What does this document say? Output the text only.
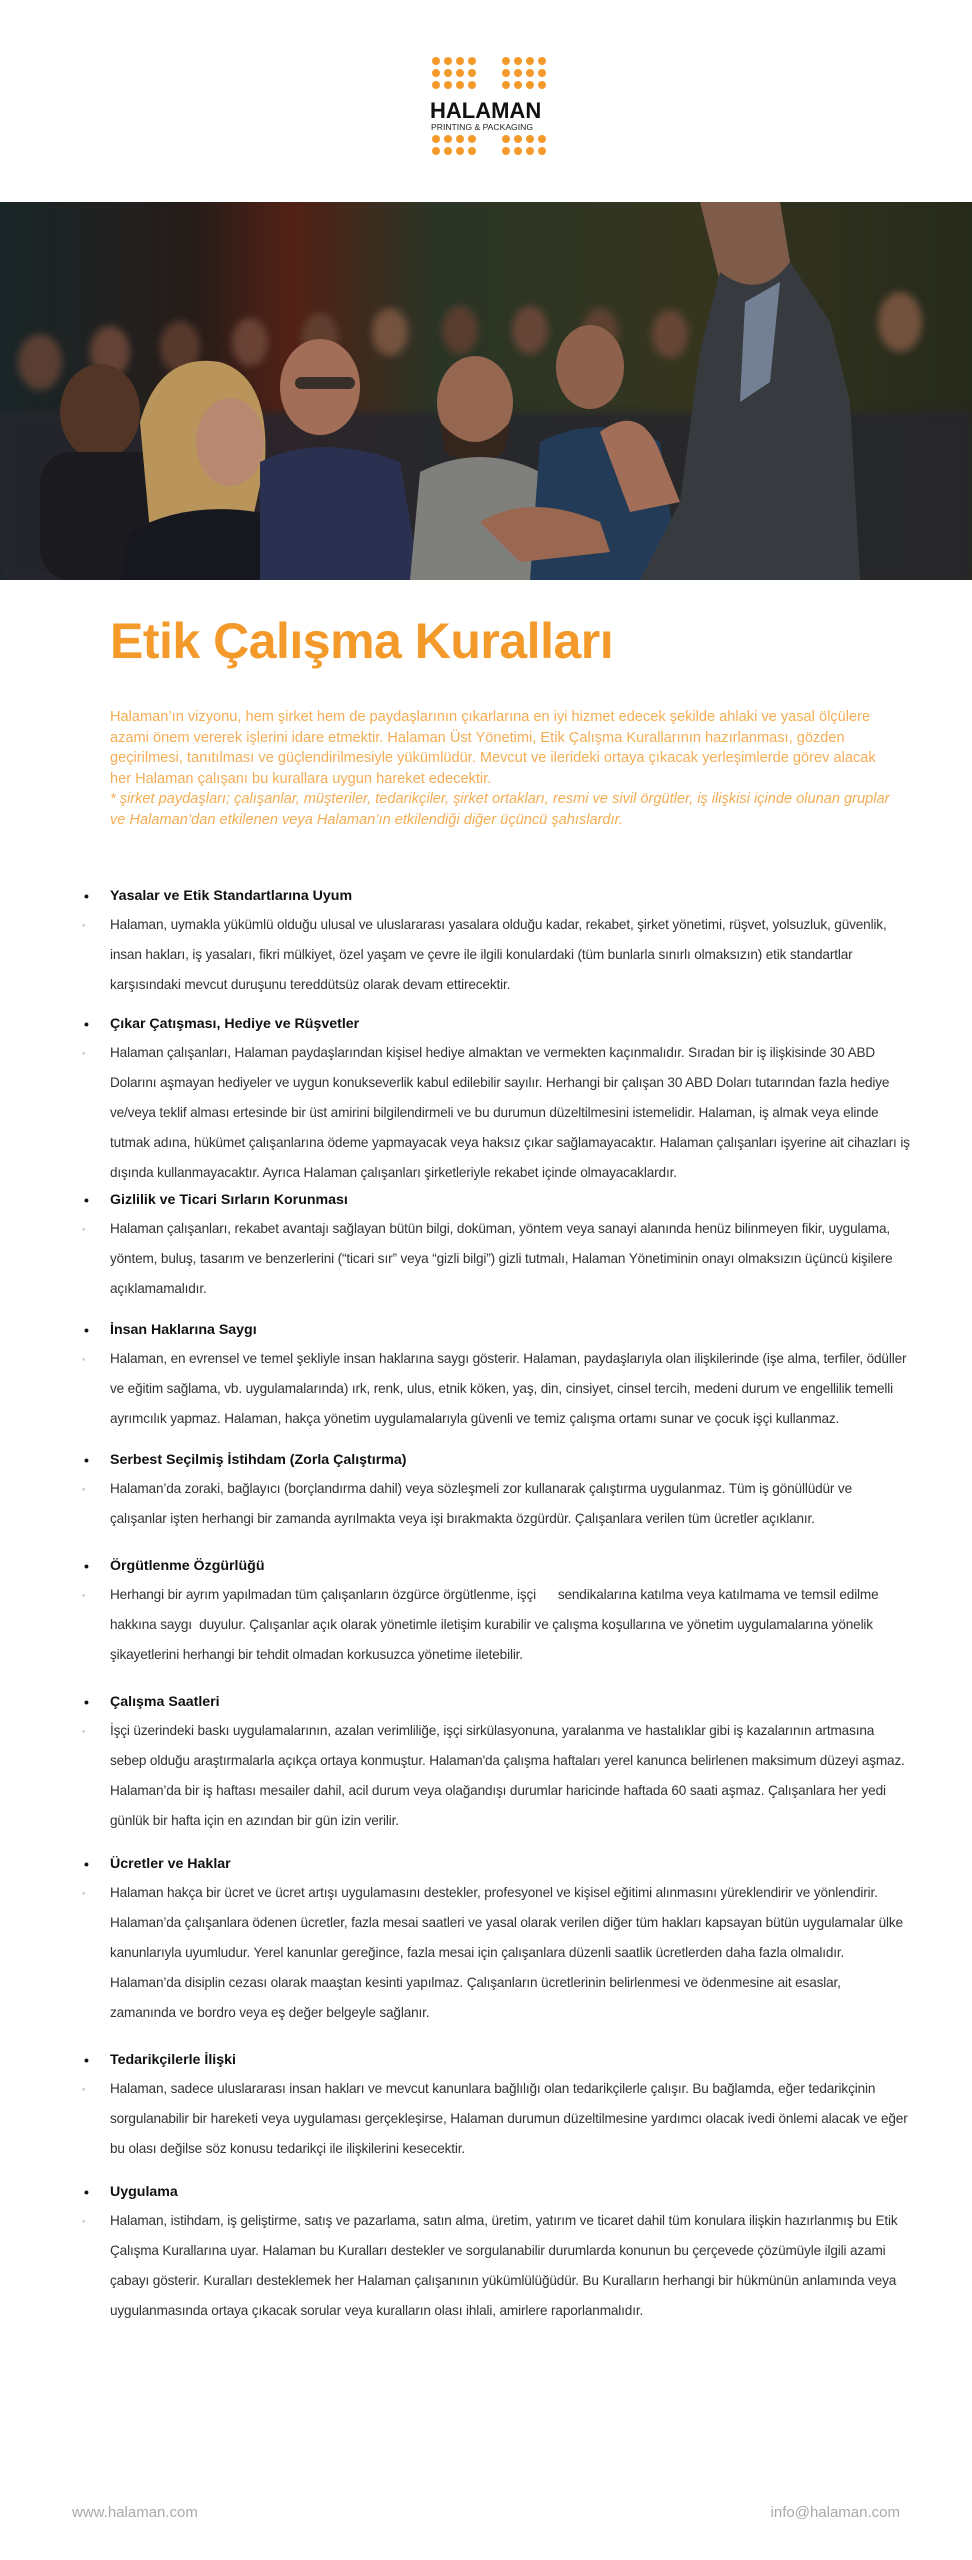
HALAMAN
PRINTING & PACKAGING
Etik Çalışma Kuralları

Halaman’ın vizyonu, hem şirket hem de paydaşlarının çıkarlarına en iyi hizmet edecek şekilde ahlaki ve yasal ölçülere azami önem vererek işlerini idare etmektir. Halaman Üst Yönetimi, Etik Çalışma Kurallarının hazırlanması, gözden geçirilmesi, tanıtılması ve güçlendirilmesiyle yükümlüdür. Mevcut ve ilerideki ortaya çıkacak yerleşimlerde görev alacak her Halaman çalışanı bu kurallara uygun hareket edecektir.

* şirket paydaşları; çalışanlar, müşteriler, tedarikçiler, şirket ortakları, resmi ve sivil örgütler, iş ilişkisi içinde olunan gruplar ve Halaman’dan etkilenen veya Halaman’ın etkilendiği diğer üçüncü şahıslardır.

• Yasalar ve Etik Standartlarına Uyum
◦ Halaman, uymakla yükümlü olduğu ulusal ve uluslararası yasalara olduğu kadar, rekabet, şirket yönetimi, rüşvet, yolsuzluk, güvenlik, insan hakları, iş yasaları, fikri mülkiyet, özel yaşam ve çevre ile ilgili konulardaki (tüm bunlarla sınırlı olmaksızın) etik standartlar karşısındaki mevcut duruşunu tereddütsüz olarak devam ettirecektir.
• Çıkar Çatışması, Hediye ve Rüşvetler
◦ Halaman çalışanları, Halaman paydaşlarından kişisel hediye almaktan ve vermekten kaçınmalıdır. Sıradan bir iş ilişkisinde 30 ABD Dolarını aşmayan hediyeler ve uygun konukseverlik kabul edilebilir sayılır. Herhangi bir çalışan 30 ABD Doları tutarından fazla hediye ve/veya teklif alması ertesinde bir üst amirini bilgilendirmeli ve bu durumun düzeltilmesini istemelidir. Halaman, iş almak veya elinde tutmak adına, hükümet çalışanlarına ödeme yapmayacak veya haksız çıkar sağlamayacaktır. Halaman çalışanları işyerine ait cihazları iş dışında kullanmayacaktır. Ayrıca Halaman çalışanları şirketleriyle rekabet içinde olmayacaklardır.
• Gizlilik ve Ticari Sırların Korunması
◦ Halaman çalışanları, rekabet avantajı sağlayan bütün bilgi, doküman, yöntem veya sanayi alanında henüz bilinmeyen fikir, uygulama, yöntem, buluş, tasarım ve benzerlerini (“ticari sır” veya “gizli bilgi”) gizli tutmalı, Halaman Yönetiminin onayı olmaksızın üçüncü kişilere açıklamamalıdır.
• İnsan Haklarına Saygı
◦ Halaman, en evrensel ve temel şekliyle insan haklarına saygı gösterir. Halaman, paydaşlarıyla olan ilişkilerinde (işe alma, terfiler, ödüller ve eğitim sağlama, vb. uygulamalarında) ırk, renk, ulus, etnik köken, yaş, din, cinsiyet, cinsel tercih, medeni durum ve engellilik temelli ayrımcılık yapmaz. Halaman, hakça yönetim uygulamalarıyla güvenli ve temiz çalışma ortamı sunar ve çocuk işçi kullanmaz.
• Serbest Seçilmiş İstihdam (Zorla Çalıştırma)
◦ Halaman’da zoraki, bağlayıcı (borçlandırma dahil) veya sözleşmeli zor kullanarak çalıştırma uygulanmaz. Tüm iş gönüllüdür ve çalışanlar işten herhangi bir zamanda ayrılmakta veya işi bırakmakta özgürdür. Çalışanlara verilen tüm ücretler açıklanır.
• Örgütlenme Özgürlüğü
◦ Herhangi bir ayrım yapılmadan tüm çalışanların özgürce örgütlenme, işçi      sendikalarına katılma veya katılmama ve temsil edilme hakkına saygı  duyulur. Çalışanlar açık olarak yönetimle iletişim kurabilir ve çalışma koşullarına ve yönetim uygulamalarına yönelik şikayetlerini herhangi bir tehdit olmadan korkusuzca yönetime iletebilir.
• Çalışma Saatleri
◦ İşçi üzerindeki baskı uygulamalarının, azalan verimliliğe, işçi sirkülasyonuna, yaralanma ve hastalıklar gibi iş kazalarının artmasına sebep olduğu araştırmalarla açıkça ortaya konmuştur. Halaman'da çalışma haftaları yerel kanunca belirlenen maksimum düzeyi aşmaz. Halaman’da bir iş haftası mesailer dahil, acil durum veya olağandışı durumlar haricinde haftada 60 saati aşmaz. Çalışanlara her yedi günlük bir hafta için en azından bir gün izin verilir.
• Ücretler ve Haklar
◦ Halaman hakça bir ücret ve ücret artışı uygulamasını destekler, profesyonel ve kişisel eğitimi alınmasını yüreklendirir ve yönlendirir. Halaman’da çalışanlara ödenen ücretler, fazla mesai saatleri ve yasal olarak verilen diğer tüm hakları kapsayan bütün uygulamalar ülke kanunlarıyla uyumludur. Yerel kanunlar gereğince, fazla mesai için çalışanlara düzenli saatlik ücretlerden daha fazla olmalıdır. Halaman’da disiplin cezası olarak maaştan kesinti yapılmaz. Çalışanların ücretlerinin belirlenmesi ve ödenmesine ait esaslar, zamanında ve bordro veya eş değer belgeyle sağlanır.
• Tedarikçilerle İlişki
◦ Halaman, sadece uluslararası insan hakları ve mevcut kanunlara bağlılığı olan tedarikçilerle çalışır. Bu bağlamda, eğer tedarikçinin sorgulanabilir bir hareketi veya uygulaması gerçekleşirse, Halaman durumun düzeltilmesine yardımcı olacak ivedi önlemi alacak ve eğer bu olası değilse söz konusu tedarikçi ile ilişkilerini kesecektir.
• Uygulama
◦ Halaman, istihdam, iş geliştirme, satış ve pazarlama, satın alma, üretim, yatırım ve ticaret dahil tüm konulara ilişkin hazırlanmış bu Etik Çalışma Kurallarına uyar. Halaman bu Kuralları destekler ve sorgulanabilir durumlarda konunun bu çerçevede çözümüyle ilgili azami çabayı gösterir. Kuralları desteklemek her Halaman çalışanının yükümlülüğüdür. Bu Kuralların herhangi bir hükmünün anlamında veya uygulanmasında ortaya çıkacak sorular veya kuralların olası ihlali, amirlere raporlanmalıdır.
www.halaman.com	info@halaman.com
